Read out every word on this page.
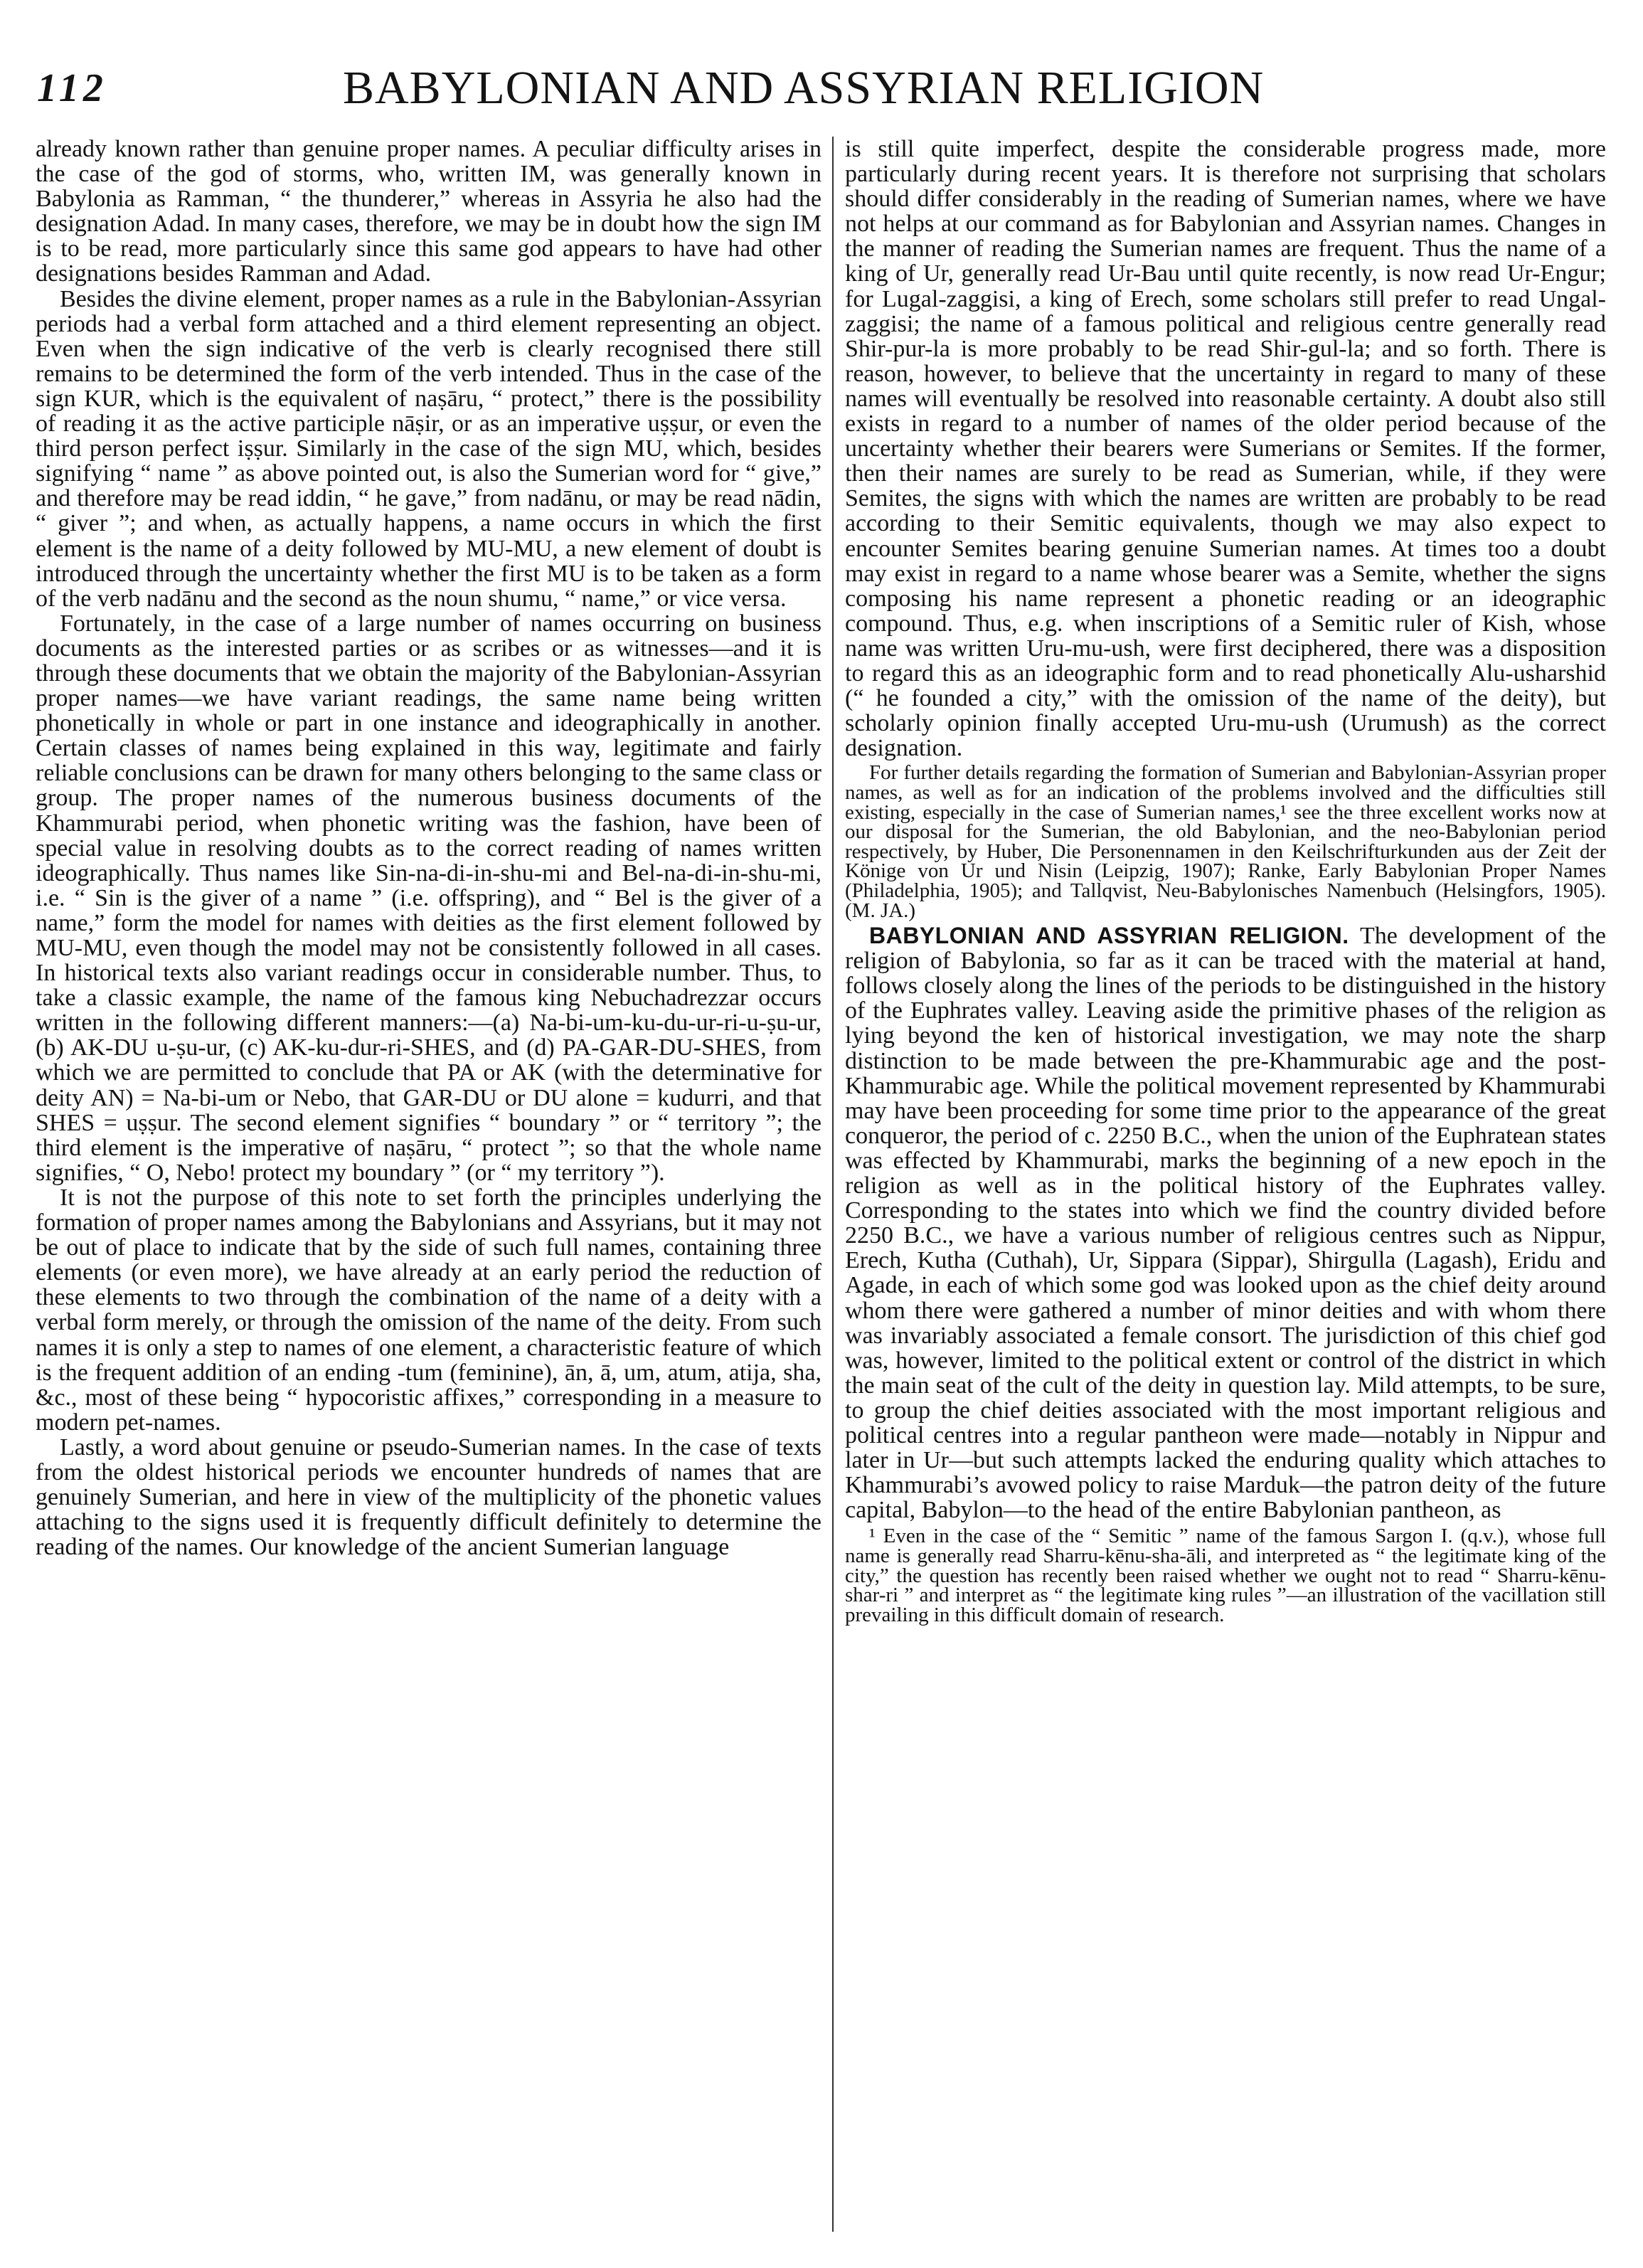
112	BABYLONIAN AND ASSYRIAN RELIGION

already known rather than genuine proper names. A peculiar difficulty arises in the case of the god of storms, who, written IM, was generally known in Babylonia as Ramman, “ the thunderer,” whereas in Assyria he also had the designation Adad. In many cases, therefore, we may be in doubt how the sign IM is to be read, more particularly since this same god appears to have had other designations besides Ramman and Adad.

Besides the divine element, proper names as a rule in the Babylonian-Assyrian periods had a verbal form attached and a third element representing an object. Even when the sign indicative of the verb is clearly recognised there still remains to be determined the form of the verb intended. Thus in the case of the sign KUR, which is the equivalent of naṣāru, “ protect,” there is the possibility of reading it as the active participle nāṣir, or as an imperative uṣṣur, or even the third person perfect iṣṣur. Similarly in the case of the sign MU, which, besides signifying “ name ” as above pointed out, is also the Sumerian word for “ give,” and therefore may be read iddin, “ he gave,” from nadānu, or may be read nādin, “ giver ”; and when, as actually happens, a name occurs in which the first element is the name of a deity followed by MU-MU, a new element of doubt is introduced through the uncertainty whether the first MU is to be taken as a form of the verb nadānu and the second as the noun shumu, “ name,” or vice versa.

Fortunately, in the case of a large number of names occurring on business documents as the interested parties or as scribes or as witnesses—and it is through these documents that we obtain the majority of the Babylonian-Assyrian proper names—we have variant readings, the same name being written phonetically in whole or part in one instance and ideographically in another. Certain classes of names being explained in this way, legitimate and fairly reliable conclusions can be drawn for many others belonging to the same class or group. The proper names of the numerous business documents of the Khammurabi period, when phonetic writing was the fashion, have been of special value in resolving doubts as to the correct reading of names written ideographically. Thus names like Sin-na-di-in-shu-mi and Bel-na-di-in-shu-mi, i.e. “ Sin is the giver of a name ” (i.e. offspring), and “ Bel is the giver of a name,” form the model for names with deities as the first element followed by MU-MU, even though the model may not be consistently followed in all cases. In historical texts also variant readings occur in considerable number. Thus, to take a classic example, the name of the famous king Nebuchadrezzar occurs written in the following different manners:—(a) Na-bi-um-ku-du-ur-ri-u-ṣu-ur, (b) AK-DU u-ṣu-ur, (c) AK-ku-dur-ri-SHES, and (d) PA-GAR-DU-SHES, from which we are permitted to conclude that PA or AK (with the determinative for deity AN) = Na-bi-um or Nebo, that GAR-DU or DU alone = kudurri, and that SHES = uṣṣur. The second element signifies “ boundary ” or “ territory ”; the third element is the imperative of naṣāru, “ protect ”; so that the whole name signifies, “ O, Nebo! protect my boundary ” (or “ my territory ”).

It is not the purpose of this note to set forth the principles underlying the formation of proper names among the Babylonians and Assyrians, but it may not be out of place to indicate that by the side of such full names, containing three elements (or even more), we have already at an early period the reduction of these elements to two through the combination of the name of a deity with a verbal form merely, or through the omission of the name of the deity. From such names it is only a step to names of one element, a characteristic feature of which is the frequent addition of an ending -tum (feminine), ān, ā, um, atum, atija, sha, &c., most of these being “ hypocoristic affixes,” corresponding in a measure to modern pet-names.

Lastly, a word about genuine or pseudo-Sumerian names. In the case of texts from the oldest historical periods we encounter hundreds of names that are genuinely Sumerian, and here in view of the multiplicity of the phonetic values attaching to the signs used it is frequently difficult definitely to determine the reading of the names. Our knowledge of the ancient Sumerian language

is still quite imperfect, despite the considerable progress made, more particularly during recent years. It is therefore not surprising that scholars should differ considerably in the reading of Sumerian names, where we have not helps at our command as for Babylonian and Assyrian names. Changes in the manner of reading the Sumerian names are frequent. Thus the name of a king of Ur, generally read Ur-Bau until quite recently, is now read Ur-Engur; for Lugal-zaggisi, a king of Erech, some scholars still prefer to read Ungal-zaggisi; the name of a famous political and religious centre generally read Shir-pur-la is more probably to be read Shir-gul-la; and so forth. There is reason, however, to believe that the uncertainty in regard to many of these names will eventually be resolved into reasonable certainty. A doubt also still exists in regard to a number of names of the older period because of the uncertainty whether their bearers were Sumerians or Semites. If the former, then their names are surely to be read as Sumerian, while, if they were Semites, the signs with which the names are written are probably to be read according to their Semitic equivalents, though we may also expect to encounter Semites bearing genuine Sumerian names. At times too a doubt may exist in regard to a name whose bearer was a Semite, whether the signs composing his name represent a phonetic reading or an ideographic compound. Thus, e.g. when inscriptions of a Semitic ruler of Kish, whose name was written Uru-mu-ush, were first deciphered, there was a disposition to regard this as an ideographic form and to read phonetically Alu-usharshid (“ he founded a city,” with the omission of the name of the deity), but scholarly opinion finally accepted Uru-mu-ush (Urumush) as the correct designation.

For further details regarding the formation of Sumerian and Babylonian-Assyrian proper names, as well as for an indication of the problems involved and the difficulties still existing, especially in the case of Sumerian names,¹ see the three excellent works now at our disposal for the Sumerian, the old Babylonian, and the neo-Babylonian period respectively, by Huber, Die Personennamen in den Keilschrifturkunden aus der Zeit der Könige von Ur und Nisin (Leipzig, 1907); Ranke, Early Babylonian Proper Names (Philadelphia, 1905); and Tallqvist, Neu-Babylonisches Namenbuch (Helsingfors, 1905). (M. JA.)

BABYLONIAN AND ASSYRIAN RELIGION. The development of the religion of Babylonia, so far as it can be traced with the material at hand, follows closely along the lines of the periods to be distinguished in the history of the Euphrates valley. Leaving aside the primitive phases of the religion as lying beyond the ken of historical investigation, we may note the sharp distinction to be made between the pre-Khammurabic age and the post-Khammurabic age. While the political movement represented by Khammurabi may have been proceeding for some time prior to the appearance of the great conqueror, the period of c. 2250 B.C., when the union of the Euphratean states was effected by Khammurabi, marks the beginning of a new epoch in the religion as well as in the political history of the Euphrates valley. Corresponding to the states into which we find the country divided before 2250 B.C., we have a various number of religious centres such as Nippur, Erech, Kutha (Cuthah), Ur, Sippara (Sippar), Shirgulla (Lagash), Eridu and Agade, in each of which some god was looked upon as the chief deity around whom there were gathered a number of minor deities and with whom there was invariably associated a female consort. The jurisdiction of this chief god was, however, limited to the political extent or control of the district in which the main seat of the cult of the deity in question lay. Mild attempts, to be sure, to group the chief deities associated with the most important religious and political centres into a regular pantheon were made—notably in Nippur and later in Ur—but such attempts lacked the enduring quality which attaches to Khammurabi’s avowed policy to raise Marduk—the patron deity of the future capital, Babylon—to the head of the entire Babylonian pantheon, as

¹ Even in the case of the “ Semitic ” name of the famous Sargon I. (q.v.), whose full name is generally read Sharru-kēnu-sha-āli, and interpreted as “ the legitimate king of the city,” the question has recently been raised whether we ought not to read “ Sharru-kēnu-shar-ri ” and interpret as “ the legitimate king rules ”—an illustration of the vacillation still prevailing in this difficult domain of research.
